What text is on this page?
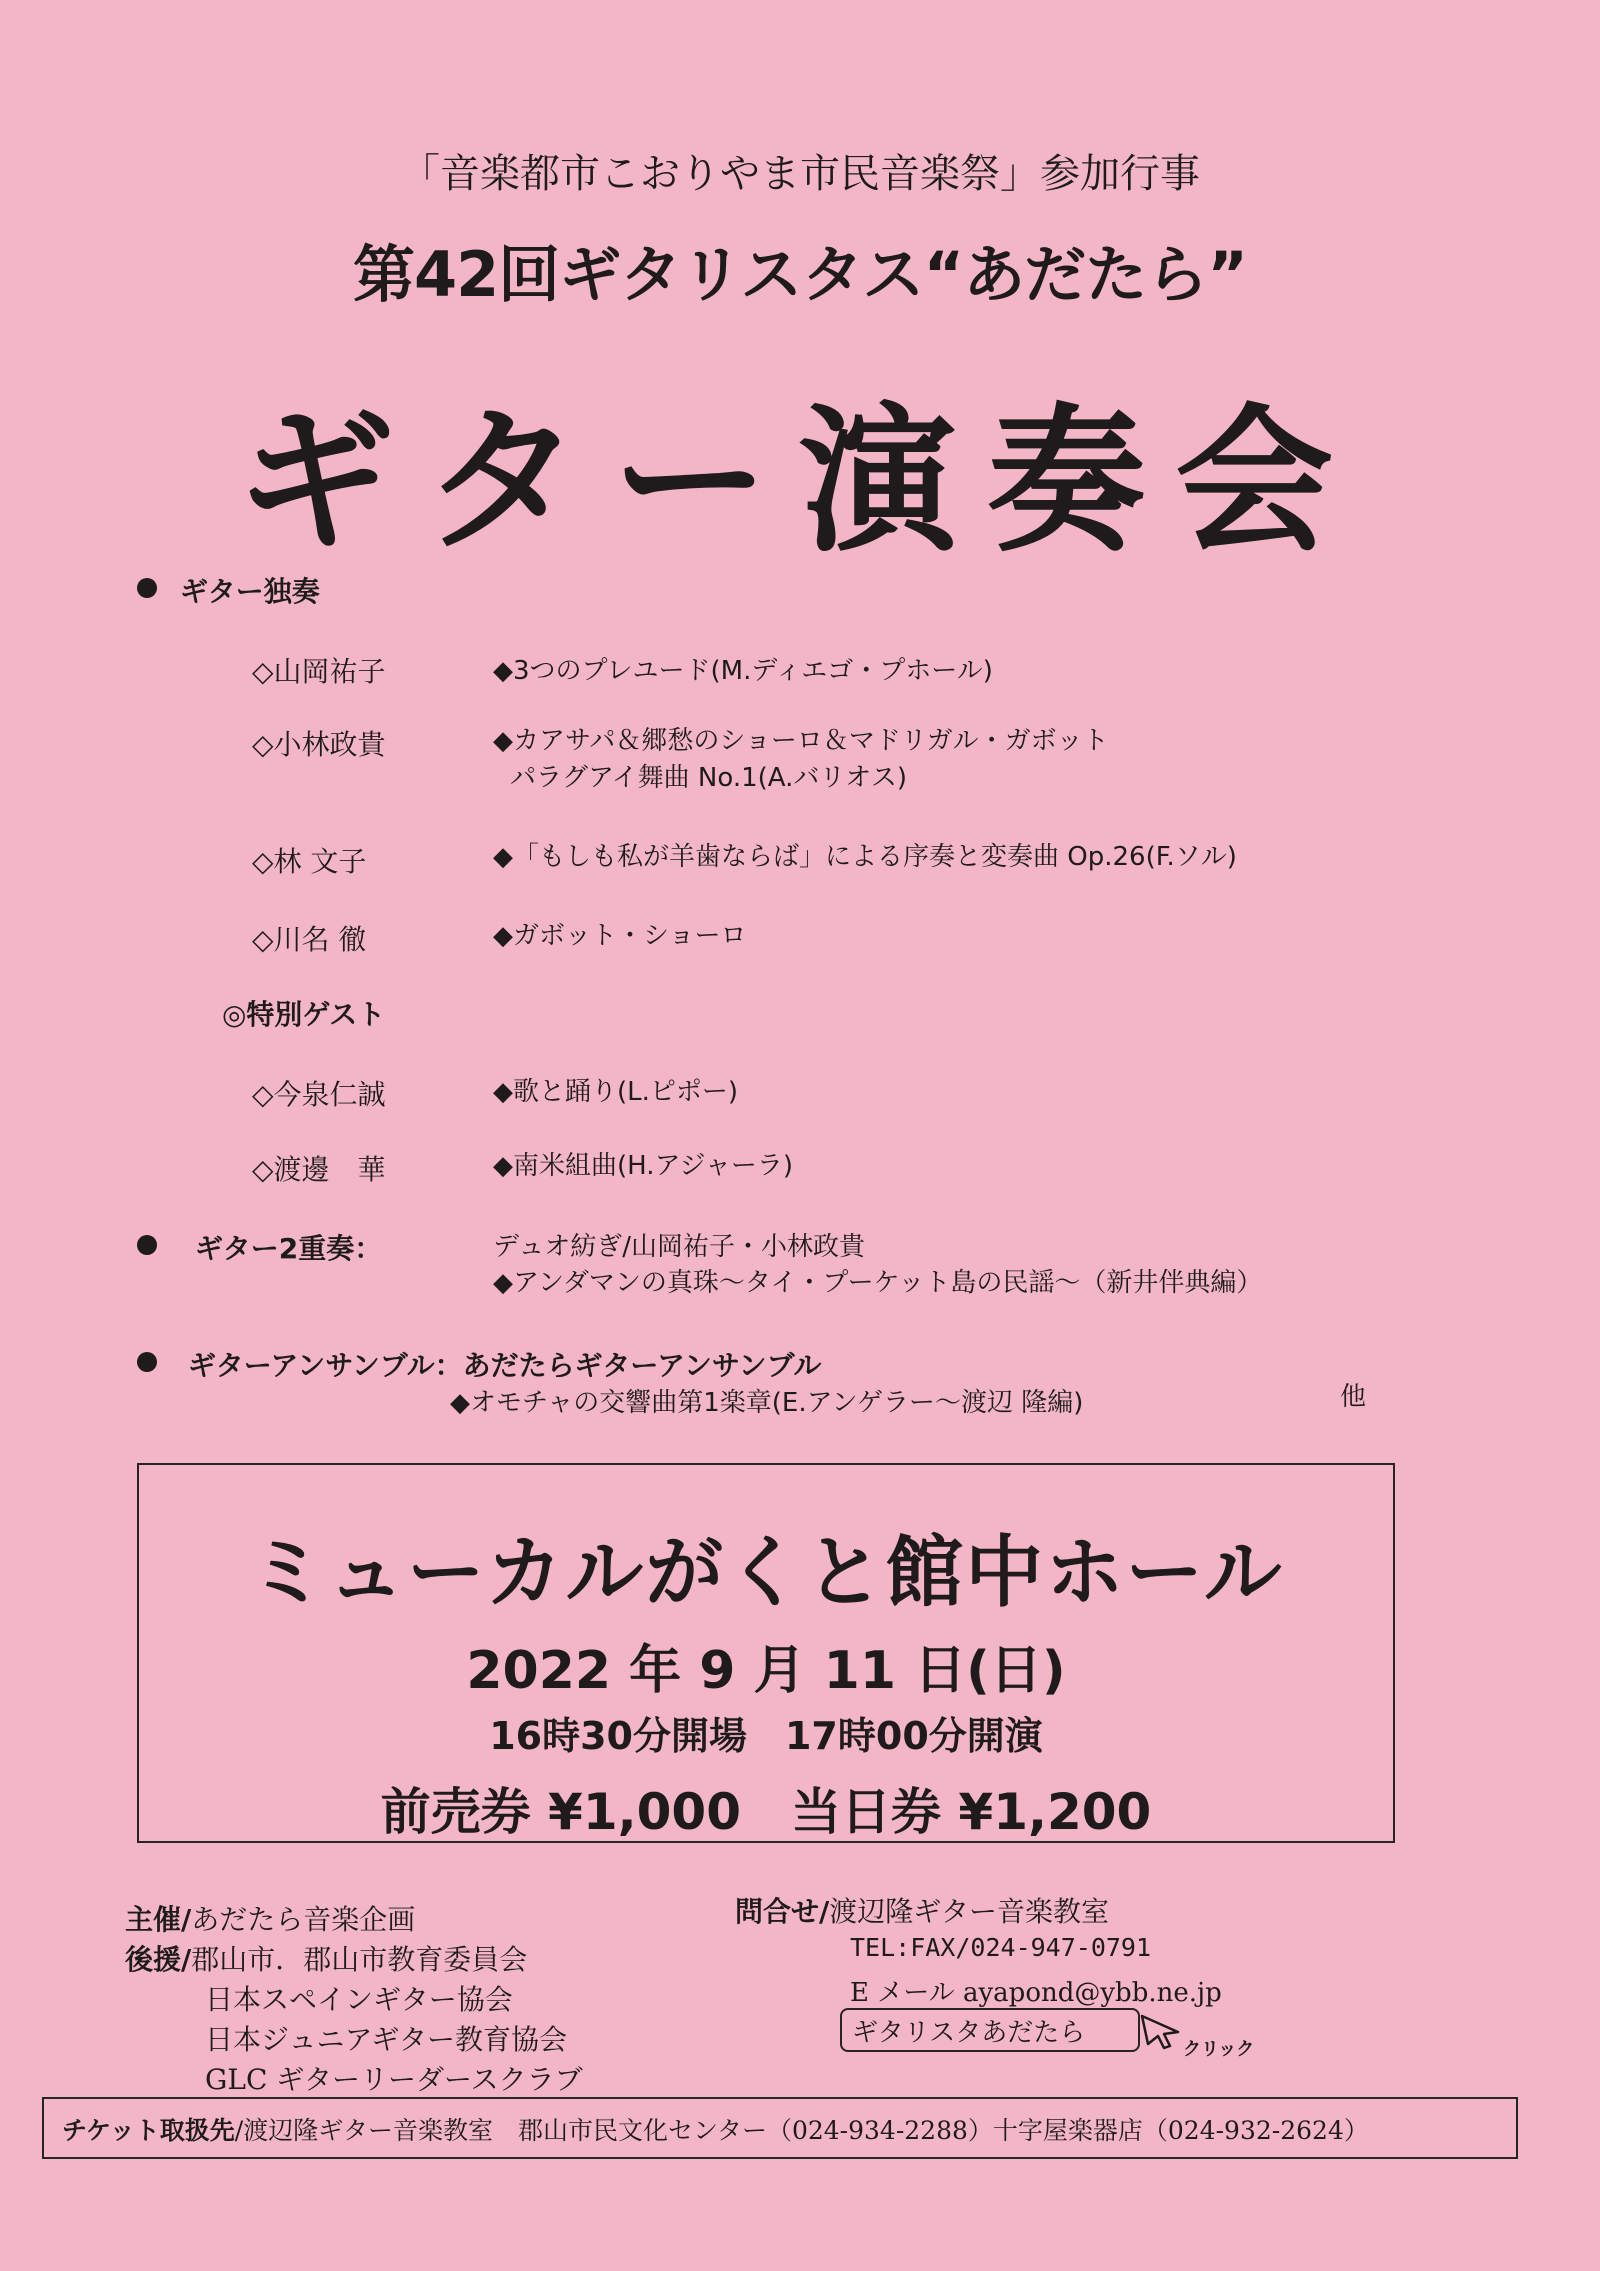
「音楽都市こおりやま市民音楽祭」参加行事
第42回ギタリスタス“あだたら”
ギター演奏会
ギター独奏
◇山岡祐子	◆3つのプレユード(M.ディエゴ・プホール)
◇小林政貴	◆カアサパ＆郷愁のショーロ＆マドリガル・ガボット
パラグアイ舞曲 No.1(A.バリオス)
◇林 文子	◆「もしも私が羊歯ならば」による序奏と変奏曲 Op.26(F.ソル)
◇川名 徹	◆ガボット・ショーロ
◎特別ゲスト
◇今泉仁誠	◆歌と踊り(L.ピポー)
◇渡邊　華	◆南米組曲(H.アジャーラ)
ギター2重奏：	デュオ紡ぎ/山岡祐子・小林政貴
◆アンダマンの真珠～タイ・プーケット島の民謡～（新井伴典編）
ギターアンサンブル：あだたらギターアンサンブル
◆オモチャの交響曲第1楽章(E.アンゲラー～渡辺 隆編)	他
ミューカルがくと館中ホール
2022 年 9 月 11 日(日)
16時30分開場　17時00分開演
前売券 ¥1,000　当日券 ¥1,200
主催/あだたら音楽企画
後援/郡山市．郡山市教育委員会
日本スペインギター協会
日本ジュニアギター教育協会
GLC ギターリーダースクラブ
問合せ/渡辺隆ギター音楽教室
TEL:FAX/024-947-0791
E メール ayapond@ybb.ne.jp
ギタリスタあだたら
クリック
チケット取扱先/渡辺隆ギター音楽教室　郡山市民文化センター（024-934-2288）十字屋楽器店（024-932-2624）
